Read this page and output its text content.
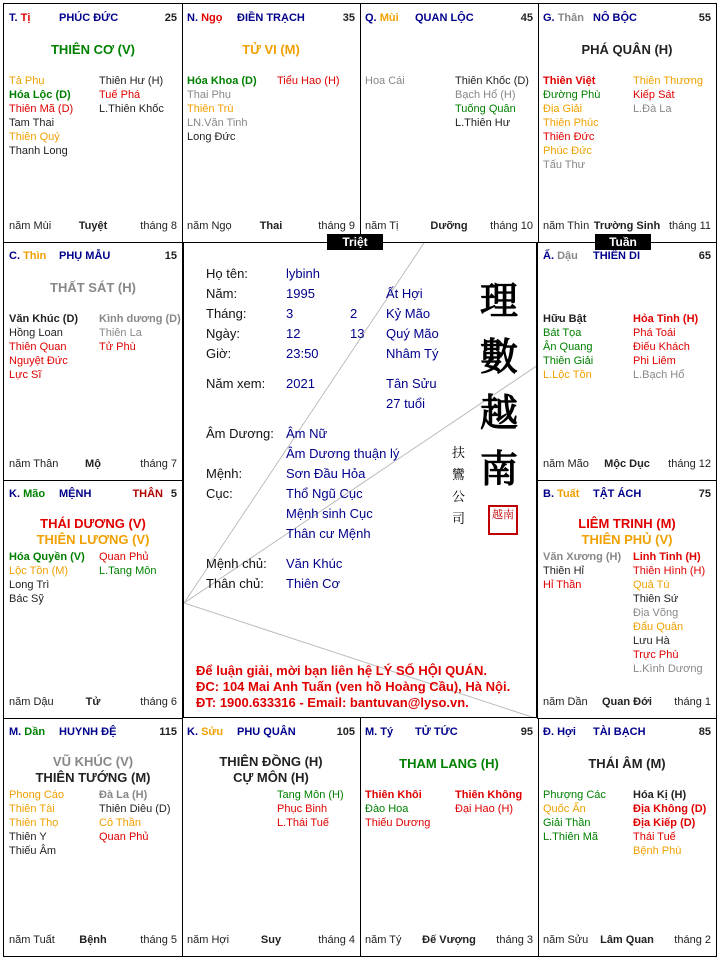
Đ. Hợi TÀI BẠCH	85
THÁI ÂM (M)
Phượng Các
Quốc Ấn
Giải Thần
L.Thiên Mã
Hóa Kị (H)
Địa Không (D)
Địa Kiếp (D)
Thái Tuế
Bệnh Phù
năm Sửu	Lâm Quan	tháng 2
M. Tý TỬ TỨC	95
THAM LANG (H)
Thiên Khôi
Đào Hoa
Thiếu Dương
Thiên Không
Đại Hao (H)
năm Tý	Đế Vượng	tháng 3
K. Sửu PHU QUÂN	105
THIÊN ĐỒNG (H)
CỰ MÔN (H)
Tang Môn (H)
Phục Binh
L.Thái Tuế
năm Hợi	Suy	tháng 4
M. Dần HUYNH ĐỆ	115
VŨ KHÚC (V)
THIÊN TƯỚNG (M)
Phong Cáo
Thiên Tài
Thiên Thọ
Thiên Y
Thiếu Âm
Đà La (H)
Thiên Diêu (D)
Cô Thần
Quan Phủ
năm Tuất	Bệnh	tháng 5
B. Tuất TẬT ÁCH	75
LIÊM TRINH (M)
THIÊN PHỦ (V)
Văn Xương (H)
Thiên Hỉ
Hỉ Thần
Linh Tinh (H)
Thiên Hình (H)
Quả Tú
Thiên Sứ
Địa Võng
Đẩu Quân
Lưu Hà
Trực Phù
L.Kình Dương
năm Dần	Quan Đới	tháng 1
K. Mão MỆNH	THÂN 5
THÁI DƯƠNG (V)
THIÊN LƯƠNG (V)
Hóa Quyền (V)
Lộc Tồn (M)
Long Trì
Bác Sỹ
Quan Phủ
L.Tang Môn
năm Dậu	Tử	tháng 6
Ấ. Dậu THIÊN DI	65
Hữu Bật
Bát Tọa
Ân Quang
Thiên Giải
L.Lộc Tồn
Hỏa Tinh (H)
Phá Toái
Điếu Khách
Phi Liêm
L.Bạch Hổ
năm Mão	Mộc Dục	tháng 12
C. Thìn PHỤ MẪU	15
THẤT SÁT (H)
Văn Khúc (D)
Hồng Loan
Thiên Quan
Nguyệt Đức
Lực Sĩ
Kình dương (D)
Thiên La
Tử Phù
năm Thân	Mộ	tháng 7
G. Thân NÔ BỘC	55
PHÁ QUÂN (H)
Thiên Việt
Đường Phù
Địa Giải
Thiên Phúc
Thiên Đức
Phúc Đức
Tấu Thư
Thiên Thương
Kiếp Sát
L.Đà La
năm Thìn Trường Sinh tháng 11
Q. Mùi QUAN LỘC	45
Hoa Cái	Thiên Khốc (D)
Bạch Hổ (H)
Tuống Quân
L.Thiên Hư
năm Tị	Dưỡng	tháng 10
N. Ngọ ĐIỀN TRẠCH	35
TỬ VI (M)
Hóa Khoa (D)
Thai Phụ
Thiên Trù
LN.Văn Tinh
Long Đức
Tiểu Hao (H)
năm Ngọ	Thai	tháng 9
T. Tị	PHÚC ĐỨC	25
THIÊN CƠ (V)
Tả Phụ
Hóa Lộc (D)
Thiên Mã (D)
Tam Thai
Thiên Quý
Thanh Long
Thiên Hư (H)
Tuế Phá
L.Thiên Khốc
năm Mùi	Tuyệt	tháng 8
Họ tên:	lybinh
Năm:	1995	Ất Hợi
Tháng:	3	2 Kỷ Mão
Ngày:	12	13 Quý Mão
Giờ:	23:50	Nhâm Tý
Năm xem: 2021	Tân Sửu
27 tuổi
Âm Dương: Âm Nữ
Âm Dương thuận lý
Mệnh:	Sơn Đầu Hỏa
Cục:	Thổ Ngũ Cục
Mệnh sinh Cục
Thân cư Mệnh
Mệnh chủ: Văn Khúc
Thân chủ: Thiên Cơ
理
數
越
南
扶
鸞
公
司	越南
Để luận giải, mời bạn liên hệ LÝ SỐ HỘI QUÁN.
ĐC: 104 Mai Anh Tuấn (ven hồ Hoàng Cầu), Hà Nội.
ĐT: 1900.633316 - Email: bantuvan@lyso.vn.
Triệt	Tuần
